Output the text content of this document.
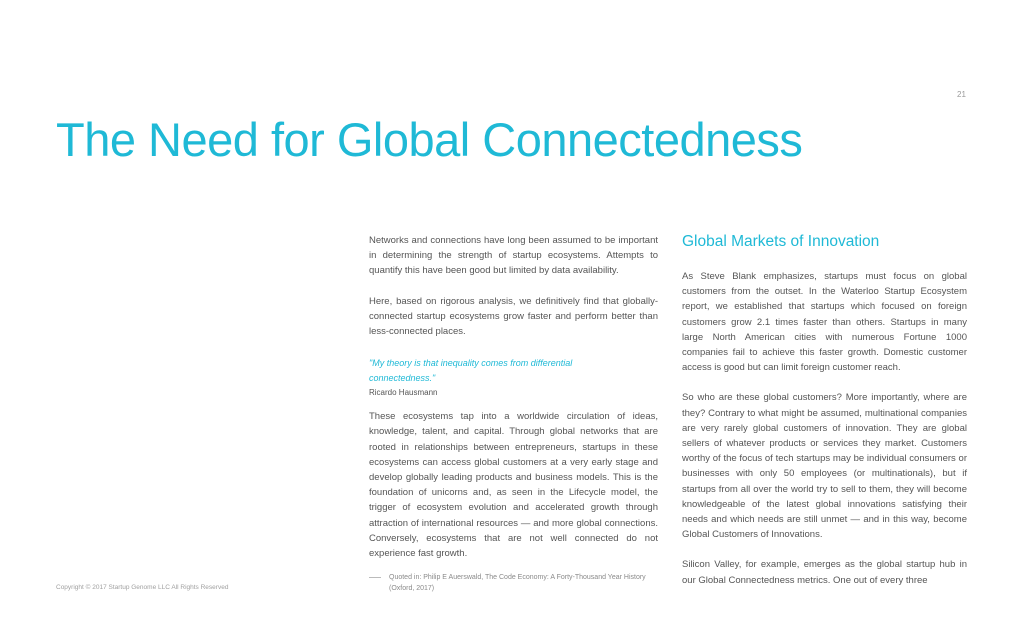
21
The Need for Global Connectedness

Networks and connections have long been assumed to be important in determining the strength of startup ecosystems. Attempts to quantify this have been good but limited by data availability.

Here, based on rigorous analysis, we definitively find that globally-connected startup ecosystems grow faster and perform better than less-connected places.

"My theory is that inequality comes from differential connectedness."
Ricardo Hausmann

These ecosystems tap into a worldwide circulation of ideas, knowledge, talent, and capital. Through global networks that are rooted in relationships between entrepreneurs, startups in these ecosystems can access global customers at a very early stage and develop globally leading products and business models. This is the foundation of unicorns and, as seen in the Lifecycle model, the trigger of ecosystem evolution and accelerated growth through attraction of international resources — and more global connections. Conversely, ecosystems that are not well connected do not experience fast growth.

Quoted in: Philip E Auerswald, The Code Economy: A Forty-Thousand Year History (Oxford, 2017)
Global Markets of Innovation

As Steve Blank emphasizes, startups must focus on global customers from the outset. In the Waterloo Startup Ecosystem report, we established that startups which focused on foreign customers grow 2.1 times faster than others. Startups in many large North American cities with numerous Fortune 1000 companies fail to achieve this faster growth. Domestic customer access is good but can limit foreign customer reach.

So who are these global customers? More importantly, where are they? Contrary to what might be assumed, multinational companies are very rarely global customers of innovation. They are global sellers of whatever products or services they market. Customers worthy of the focus of tech startups may be individual consumers or businesses with only 50 employees (or multinationals), but if startups from all over the world try to sell to them, they will become knowledgeable of the latest global innovations satisfying their needs and which needs are still unmet — and in this way, become Global Customers of Innovations.

Silicon Valley, for example, emerges as the global startup hub in our Global Connectedness metrics. One out of every three

Copyright © 2017 Startup Genome LLC All Rights Reserved
